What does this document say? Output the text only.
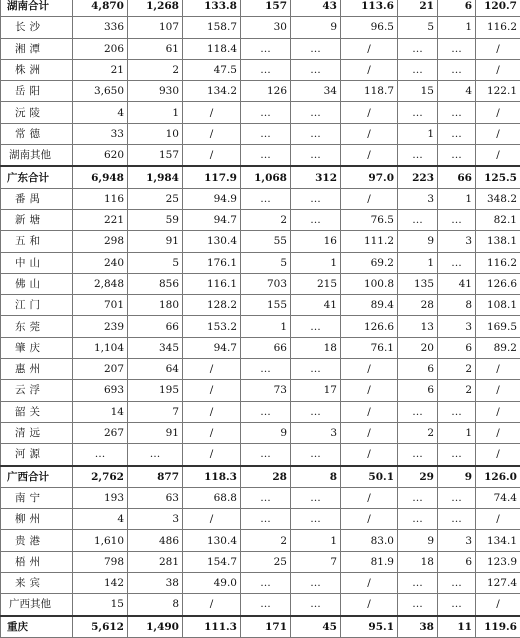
湖南合计	4,870	1,268	133.8	157	43	113.6	21	6	120.7
长沙	336	107	158.7	30	9	96.5	5	1	116.2
湘潭	206	61	118.4	…	…	/	…	…	/
株洲	21	2	47.5	…	…	/	…	…	/
岳阳	3,650	930	134.2	126	34	118.7	15	4	122.1
沅陵	4	1	/	…	…	/	…	…	/
常德	33	10	/	…	…	/	1	…	/
湖南其他	620	157	/	…	…	/	…	…	/
广东合计	6,948	1,984	117.9	1,068	312	97.0	223	66	125.5
番禺	116	25	94.9	…	…	/	3	1	348.2
新塘	221	59	94.7	2	…	76.5	…	…	82.1
五和	298	91	130.4	55	16	111.2	9	3	138.1
中山	240	5	176.1	5	1	69.2	1	…	116.2
佛山	2,848	856	116.1	703	215	100.8	135	41	126.6
江门	701	180	128.2	155	41	89.4	28	8	108.1
东莞	239	66	153.2	1	…	126.6	13	3	169.5
肇庆	1,104	345	94.7	66	18	76.1	20	6	89.2
惠州	207	64	/	…	…	/	6	2	/
云浮	693	195	/	73	17	/	6	2	/
韶关	14	7	/	…	…	/	…	…	/
清远	267	91	/	9	3	/	2	1	/
河源	…	…	/	…	…	/	…	…	/
广西合计	2,762	877	118.3	28	8	50.1	29	9	126.0
南宁	193	63	68.8	…	…	/	…	…	74.4
柳州	4	3	/	…	…	/	…	…	/
贵港	1,610	486	130.4	2	1	83.0	9	3	134.1
梧州	798	281	154.7	25	7	81.9	18	6	123.9
来宾	142	38	49.0	…	…	/	…	…	127.4
广西其他	15	8	/	…	…	/	…	…	/
重庆	5,612	1,490	111.3	171	45	95.1	38	11	119.6
